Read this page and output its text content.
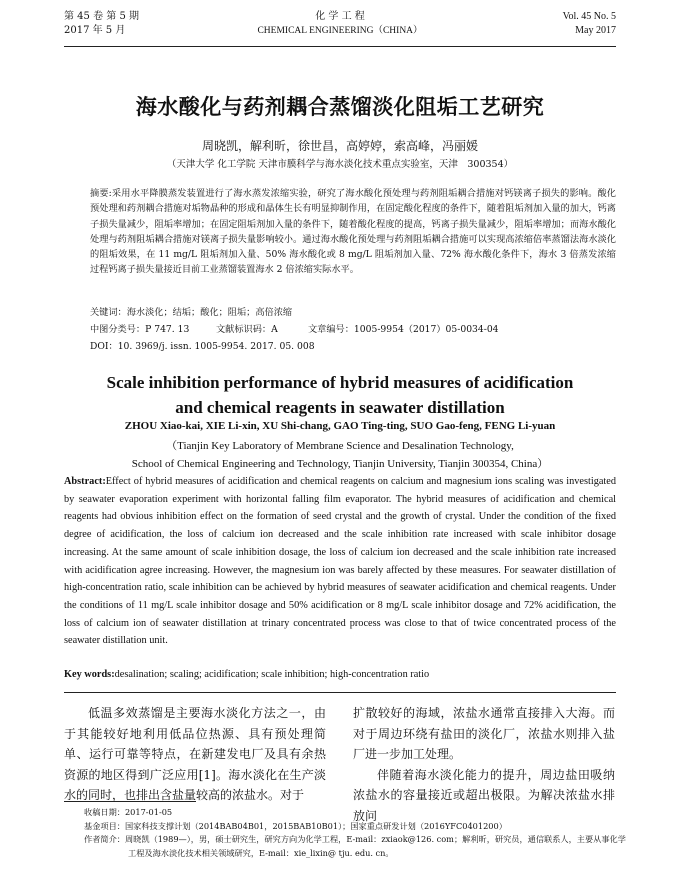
第 45 卷 第 5 期
2017 年 5 月
化 学 工 程
CHEMICAL ENGINEERING（CHINA）
Vol. 45 No. 5
May 2017
海水酸化与药剂耦合蒸馏淡化阻垢工艺研究
周晓凯，解利昕，徐世昌，高婷婷，索高峰，冯丽媛
（天津大学 化工学院 天津市膜科学与海水淡化技术重点实验室，天津　300354）
摘要:采用水平降膜蒸发装置进行了海水蒸发浓缩实验，研究了海水酸化预处理与药剂阻垢耦合措施对钙镁离子损失的影响。酸化预处理和药剂耦合措施对垢物晶种的形成和晶体生长有明显抑制作用，在固定酸化程度的条件下，随着阻垢剂加入量的加大，钙离子损失量减少，阻垢率增加；在固定阻垢剂加入量的条件下，随着酸化程度的提高，钙离子损失量减少，阻垢率增加；而海水酸化处理与药剂阻垢耦合措施对镁离子损失量影响较小。通过海水酸化预处理与药剂阻垢耦合措施可以实现高浓缩倍率蒸馏法海水淡化的阻垢效果，在 11 mg/L 阻垢剂加入量、50% 海水酸化或 8 mg/L 阻垢剂加入量、72% 海水酸化条件下，海水 3 倍蒸发浓缩过程钙离子损失量接近目前工业蒸馏装置海水 2 倍浓缩实际水平。
关键词：海水淡化；结垢；酸化；阻垢；高倍浓缩
中图分类号：P 747. 13	文献标识码：A	文章编号：1005-9954（2017）05-0034-04
DOI：10. 3969/j. issn. 1005-9954. 2017. 05. 008
Scale inhibition performance of hybrid measures of acidification
and chemical reagents in seawater distillation
ZHOU Xiao-kai, XIE Li-xin, XU Shi-chang, GAO Ting-ting, SUO Gao-feng, FENG Li-yuan
（Tianjin Key Laboratory of Membrane Science and Desalination Technology,
School of Chemical Engineering and Technology, Tianjin University, Tianjin 300354, China）
Abstract:Effect of hybrid measures of acidification and chemical reagents on calcium and magnesium ions scaling was investigated by seawater evaporation experiment with horizontal falling film evaporator. The hybrid measures of acidification and chemical reagents had obvious inhibition effect on the formation of seed crystal and the growth of crystal. Under the condition of the fixed degree of acidification, the loss of calcium ion decreased and the scale inhibition rate increased with scale inhibitor dosage increasing. At the same amount of scale inhibition dosage, the loss of calcium ion decreased and the scale inhibition rate increased with acidification agree increasing. However, the magnesium ion was barely affected by these measures. For seawater distillation of high-concentration ratio, scale inhibition can be achieved by hybrid measures of seawater acidification and chemical reagents. Under the conditions of 11 mg/L scale inhibitor dosage and 50% acidification or 8 mg/L scale inhibitor dosage and 72% acidification, the loss of calcium ion of seawater distillation at trinary concentrated process was close to that of twice concentrated process of the seawater distillation unit.
Key words:desalination; scaling; acidification; scale inhibition; high-concentration ratio
低温多效蒸馏是主要海水淡化方法之一，由于其能较好地利用低品位热源、具有预处理简单、运行可靠等特点，在新建发电厂及具有余热资源的地区得到广泛应用[1]。海水淡化在生产淡水的同时，也排出含盐量较高的浓盐水。对于

扩散较好的海域，浓盐水通常直接排入大海。而对于周边环绕有盐田的淡化厂，浓盐水则排入盐厂进一步加工处理。

伴随着海水淡化能力的提升，周边盐田吸纳浓盐水的容量接近或超出极限。为解决浓盐水排放问

收稿日期：2017-01-05
基金项目：国家科技支撑计划（2014BAB04B01，2015BAB10B01）；国家重点研发计划（2016YFC0401200）
作者简介：周晓凯（1989—），男，硕士研究生，研究方向为化学工程，E-mail：zxiaok@126. com；解利昕，研究员，通信联系人，主要从事化学
工程及海水淡化技术相关领域研究，E-mail：xie_lixin@ tju. edu. cn。
